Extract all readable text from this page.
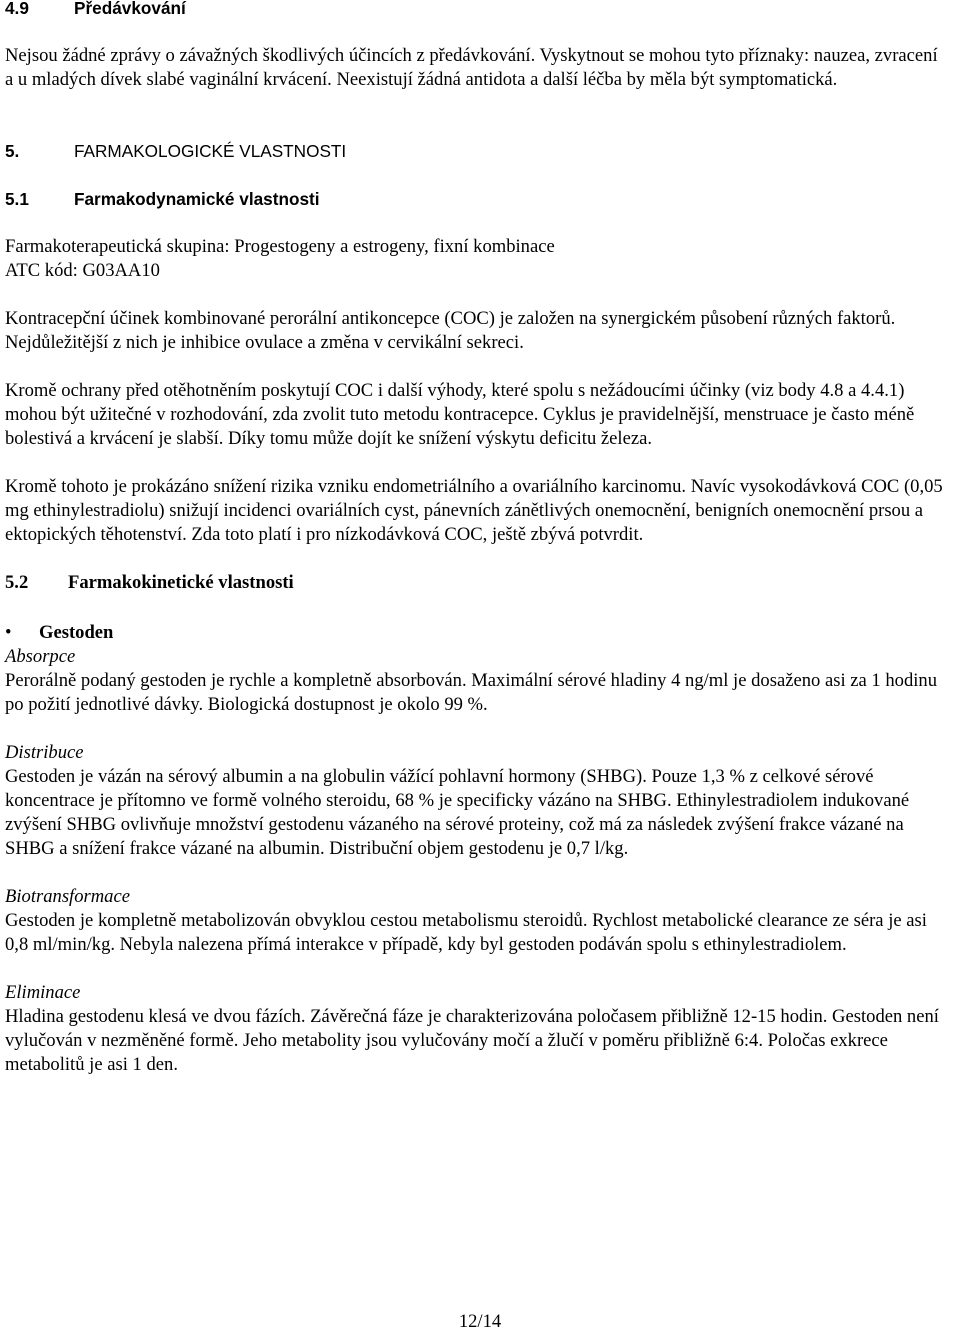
4.9	Předávkování

Nejsou žádné zprávy o závažných škodlivých účincích z předávkování. Vyskytnout se mohou tyto příznaky: nauzea, zvracení a u mladých dívek slabé vaginální krvácení. Neexistují žádná antidota a další léčba by měla být symptomatická.

5.	FARMAKOLOGICKÉ VLASTNOSTI
5.1	Farmakodynamické vlastnosti

Farmakoterapeutická skupina: Progestogeny a estrogeny, fixní kombinace

ATC kód: G03AA10

Kontracepční účinek kombinované perorální antikoncepce (COC) je založen na synergickém působení různých faktorů. Nejdůležitější z nich je inhibice ovulace a změna v cervikální sekreci.

Kromě ochrany před otěhotněním poskytují COC i další výhody, které spolu s nežádoucími účinky (viz body 4.8 a 4.4.1) mohou být užitečné v rozhodování, zda zvolit tuto metodu kontracepce. Cyklus je pravidelnější, menstruace je často méně bolestivá a krvácení je slabší. Díky tomu může dojít ke snížení výskytu deficitu železa.

Kromě tohoto je prokázáno snížení rizika vzniku endometriálního a ovariálního karcinomu. Navíc vysokodávková COC (0,05 mg ethinylestradiolu) snižují incidenci ovariálních cyst, pánevních zánětlivých onemocnění, benigních onemocnění prsou a ektopických těhotenství. Zda toto platí i pro nízkodávková COC, ještě zbývá potvrdit.

5.2	Farmakokinetické vlastnosti
•	Gestoden

Absorpce

Perorálně podaný gestoden je rychle a kompletně absorbován. Maximální sérové hladiny 4 ng/ml je dosaženo asi za 1 hodinu po požití jednotlivé dávky. Biologická dostupnost je okolo 99 %.

Distribuce

Gestoden je vázán na sérový albumin a na globulin vážící pohlavní hormony (SHBG). Pouze 1,3 % z celkové sérové koncentrace je přítomno ve formě volného steroidu, 68 % je specificky vázáno na SHBG. Ethinylestradiolem indukované zvýšení SHBG ovlivňuje množství gestodenu vázaného na sérové proteiny, což má za následek zvýšení frakce vázané na SHBG a snížení frakce vázané na albumin. Distribuční objem gestodenu je 0,7 l/kg.

Biotransformace

Gestoden je kompletně metabolizován obvyklou cestou metabolismu steroidů. Rychlost metabolické clearance ze séra je asi 0,8 ml/min/kg. Nebyla nalezena přímá interakce v případě, kdy byl gestoden podáván spolu s ethinylestradiolem.

Eliminace

Hladina gestodenu klesá ve dvou fázích. Závěrečná fáze je charakterizována poločasem přibližně 12-15 hodin. Gestoden není vylučován v nezměněné formě. Jeho metabolity jsou vylučovány močí a žlučí v poměru přibližně 6:4. Poločas exkrece metabolitů je asi 1 den.

12/14
